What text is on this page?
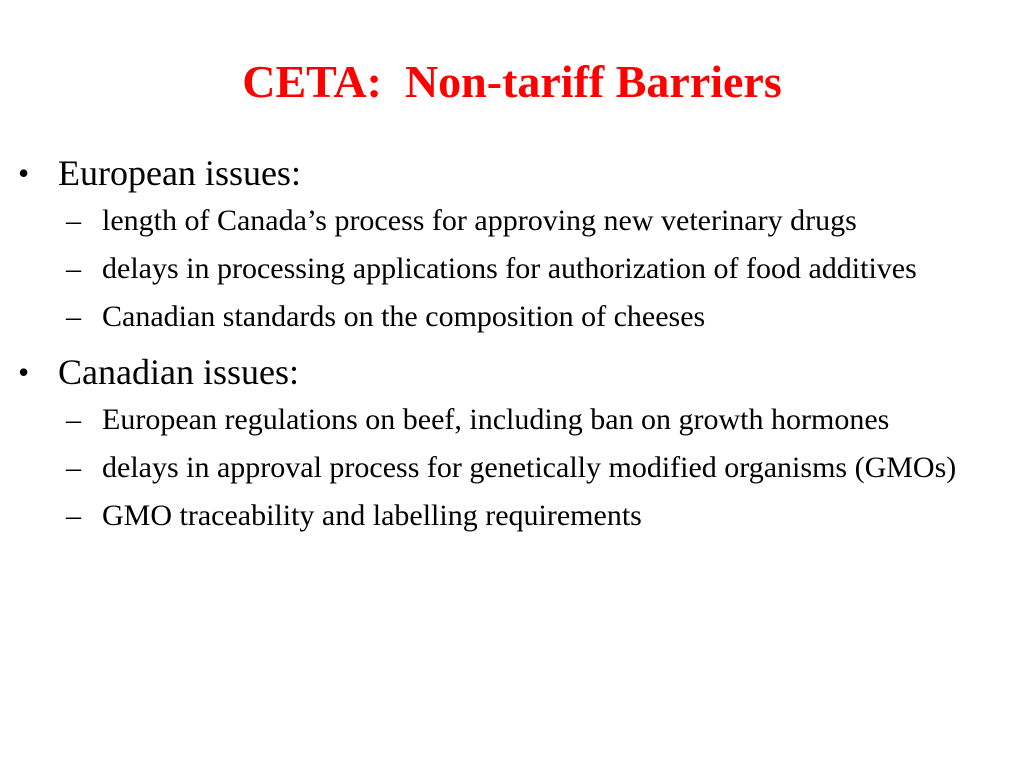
CETA:  Non-tariff Barriers
• European issues:
– length of Canada’s process for approving new veterinary drugs
– delays in processing applications for authorization of food additives
– Canadian standards on the composition of cheeses
• Canadian issues:
– European regulations on beef, including ban on growth hormones
– delays in approval process for genetically modified organisms (GMOs)
– GMO traceability and labelling requirements
